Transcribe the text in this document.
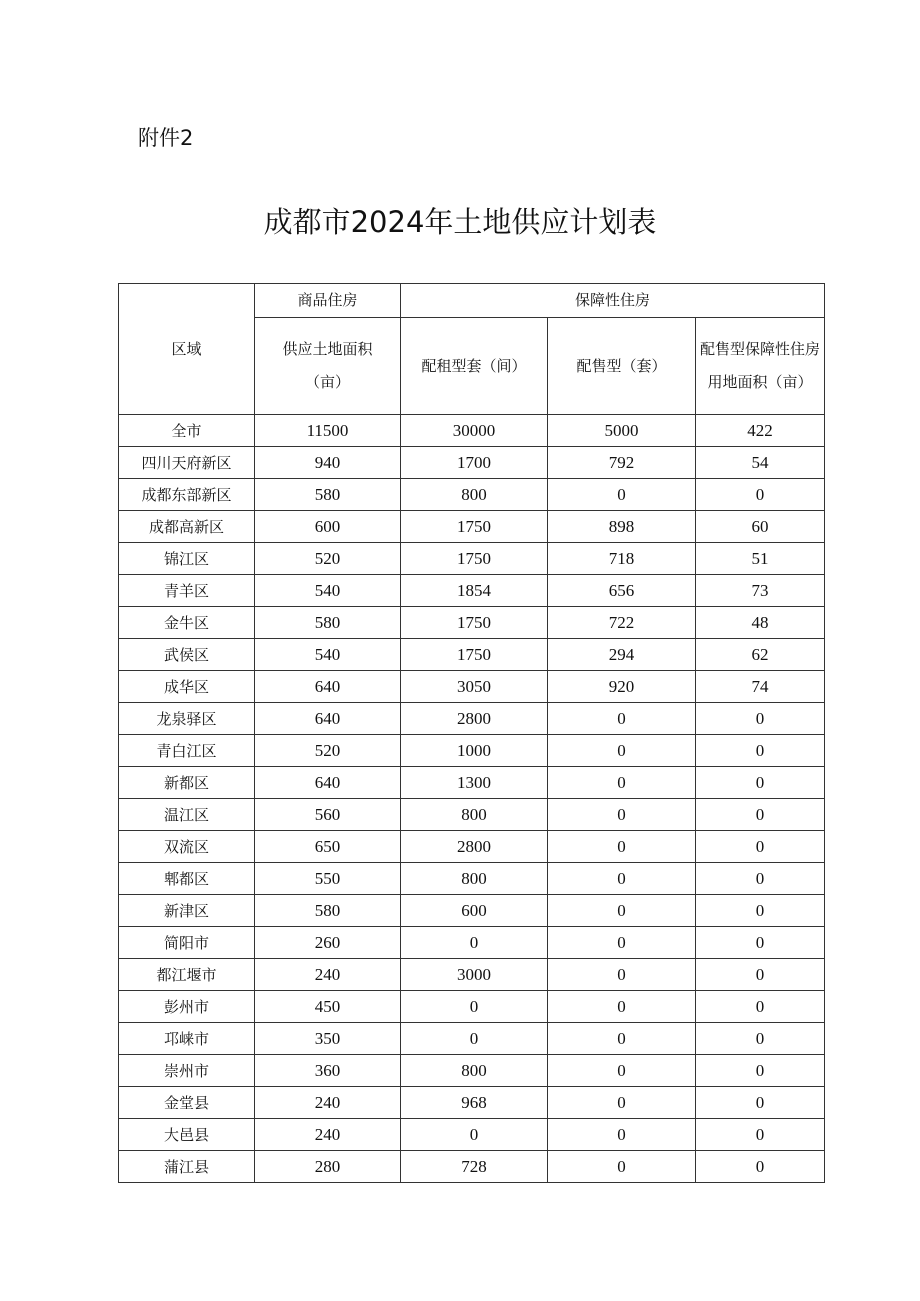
附件2
成都市2024年土地供应计划表
区域	商品住房	保障性住房		
	供应土地面积（亩）	配租型套（间）	配售型（套）	配售型保障性住房用地面积（亩）
全市	11500	30000	5000	422
四川天府新区	940	1700	792	54
成都东部新区	580	800	0	0
成都高新区	600	1750	898	60
锦江区	520	1750	718	51
青羊区	540	1854	656	73
金牛区	580	1750	722	48
武侯区	540	1750	294	62
成华区	640	3050	920	74
龙泉驿区	640	2800	0	0
青白江区	520	1000	0	0
新都区	640	1300	0	0
温江区	560	800	0	0
双流区	650	2800	0	0
郫都区	550	800	0	0
新津区	580	600	0	0
简阳市	260	0	0	0
都江堰市	240	3000	0	0
彭州市	450	0	0	0
邛崃市	350	0	0	0
崇州市	360	800	0	0
金堂县	240	968	0	0
大邑县	240	0	0	0
蒲江县	280	728	0	0
